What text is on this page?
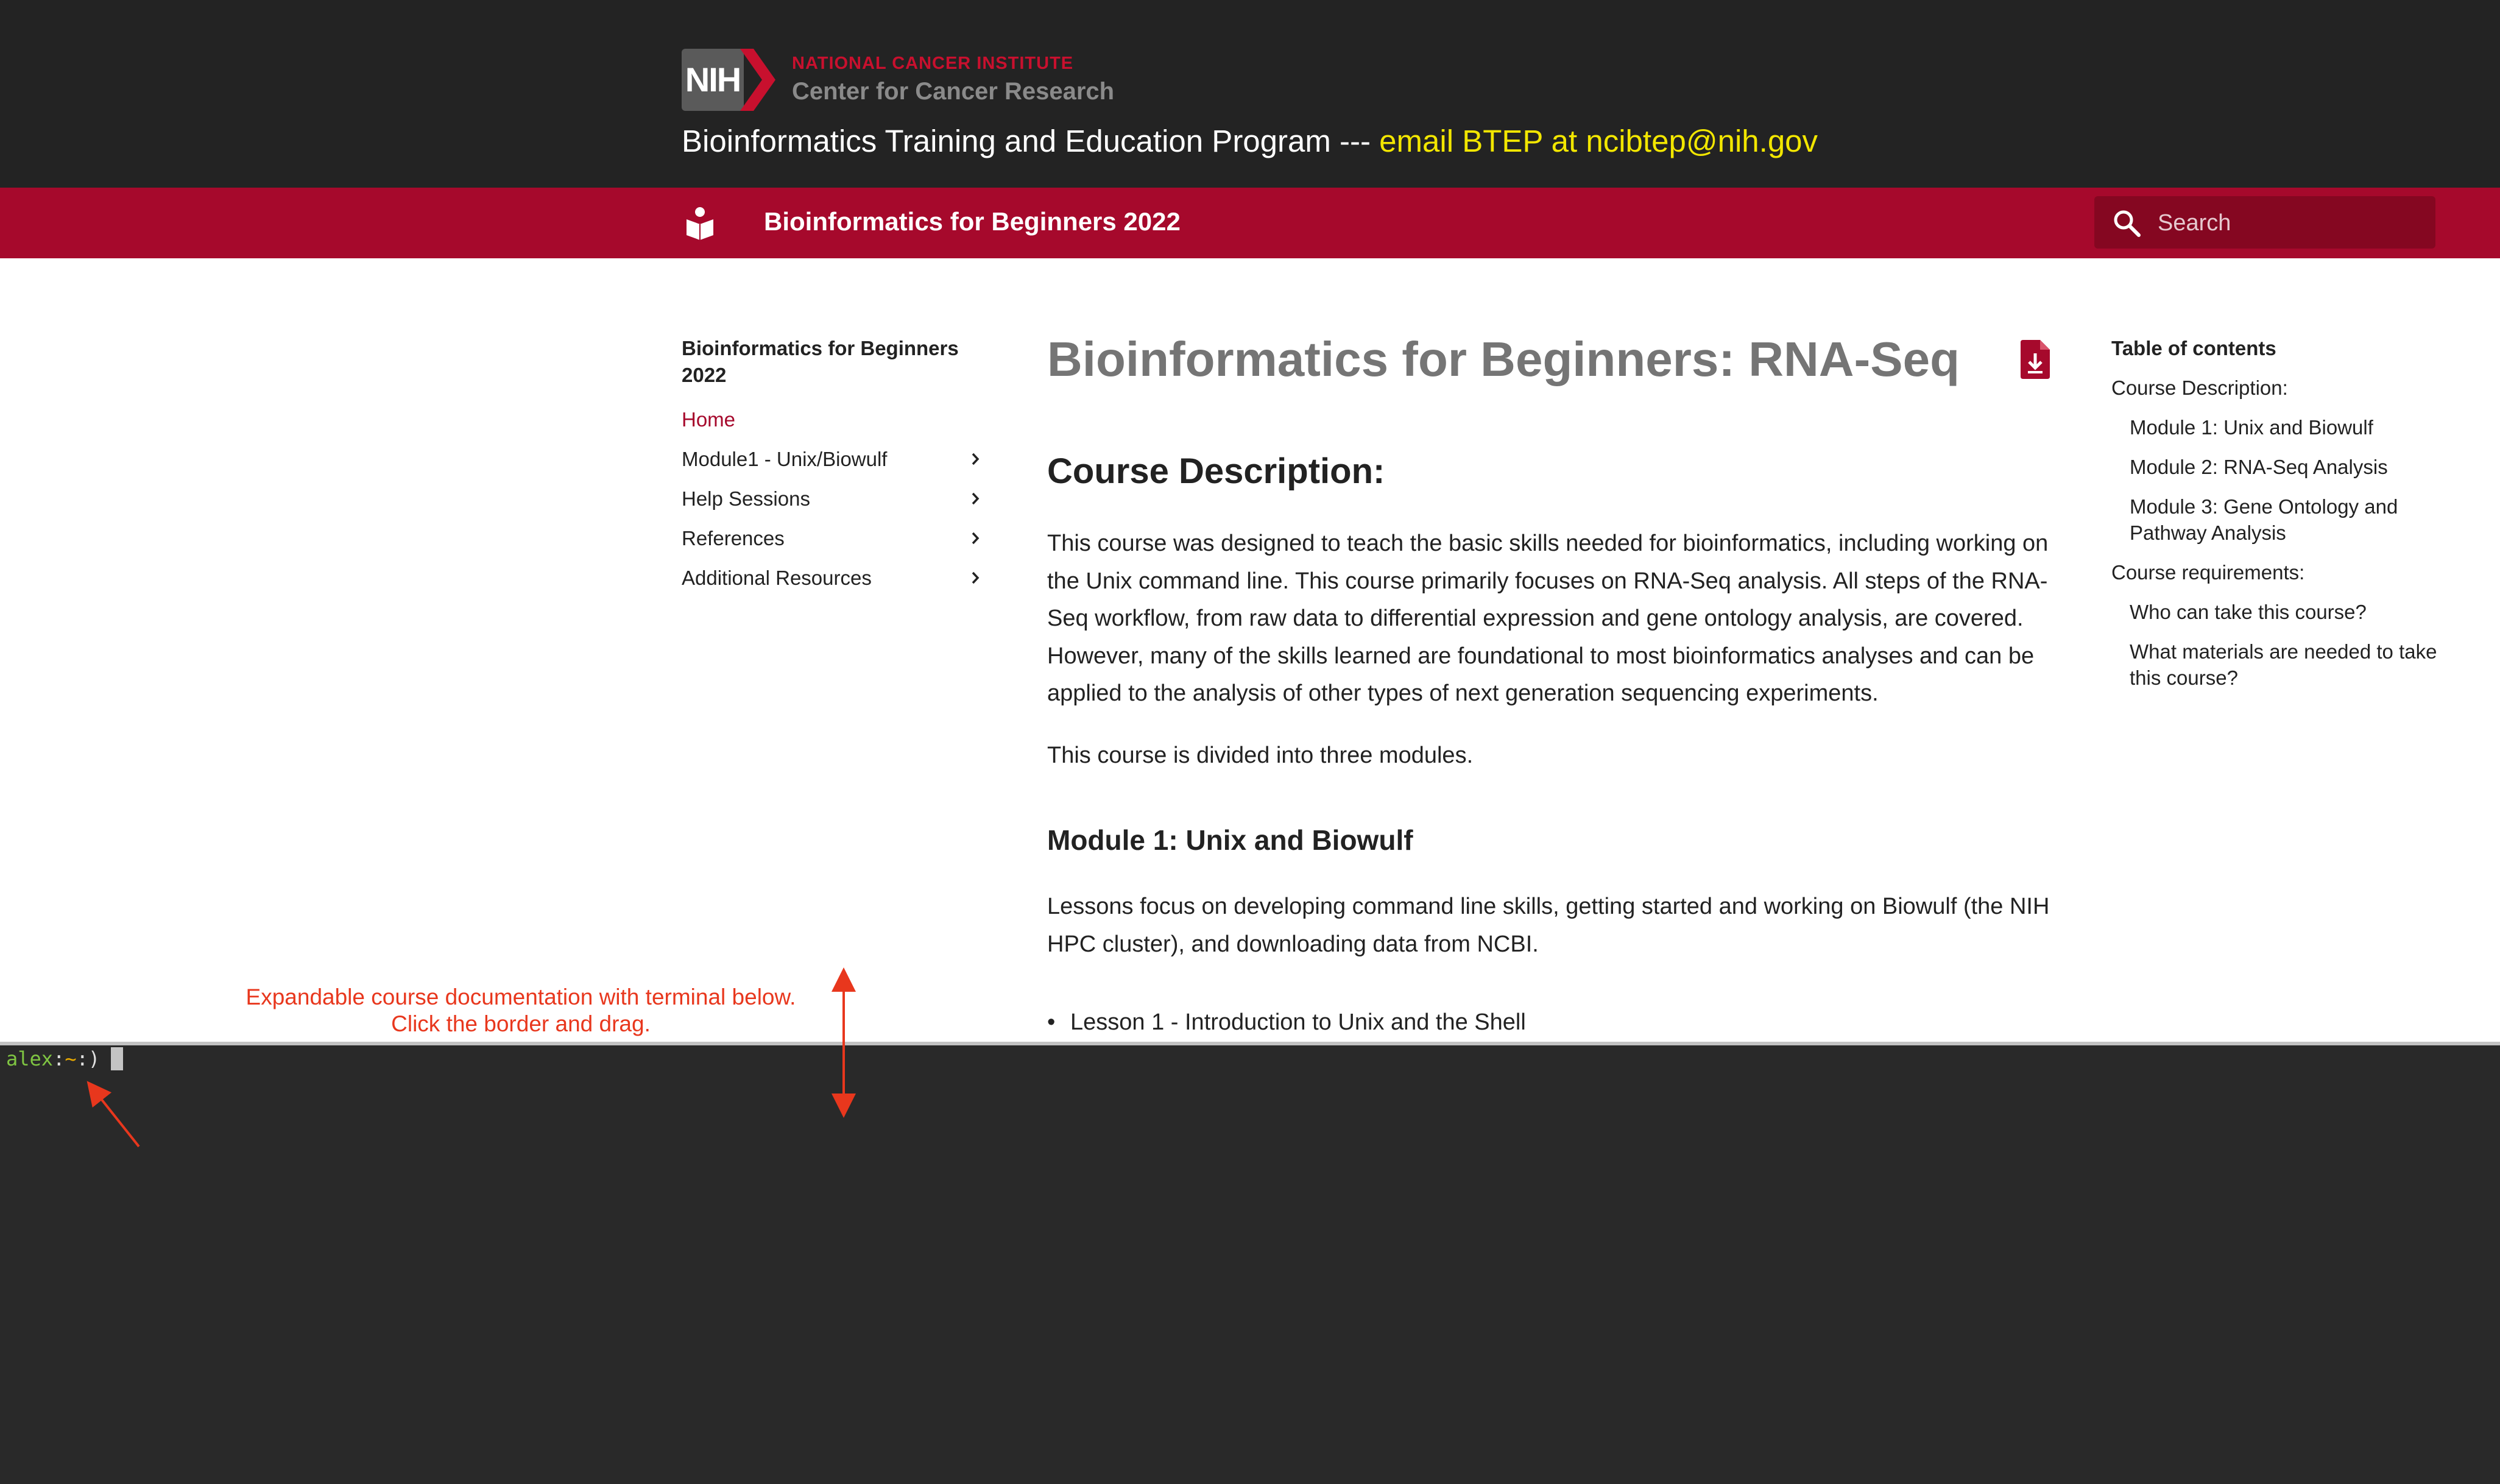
NIH	NATIONAL CANCER INSTITUTE
Center for Cancer Research
Bioinformatics Training and Education Program --- email BTEP at ncibtep@nih.gov
Bioinformatics for Beginners 2022
Search
Bioinformatics for Beginners 2022
Home
Module1 - Unix/Biowulf
Help Sessions
References
Additional Resources
Bioinformatics for Beginners: RNA-Seq
Course Description:

This course was designed to teach the basic skills needed for bioinformatics, including working on the Unix command line. This course primarily focuses on RNA-Seq analysis. All steps of the RNA-Seq workflow, from raw data to differential expression and gene ontology analysis, are covered. However, many of the skills learned are foundational to most bioinformatics analyses and can be applied to the analysis of other types of next generation sequencing experiments.

This course is divided into three modules.

Module 1: Unix and Biowulf

Lessons focus on developing command line skills, getting started and working on Biowulf (the NIH HPC cluster), and downloading data from NCBI.

• Lesson 1 - Introduction to Unix and the Shell
Table of contents
Course Description:
Module 1: Unix and Biowulf
Module 2: RNA-Seq Analysis
Module 3: Gene Ontology and Pathway Analysis
Course requirements:
Who can take this course?
What materials are needed to take this course?
Expandable course documentation with terminal below.
Click the border and drag.
alex:~:)
